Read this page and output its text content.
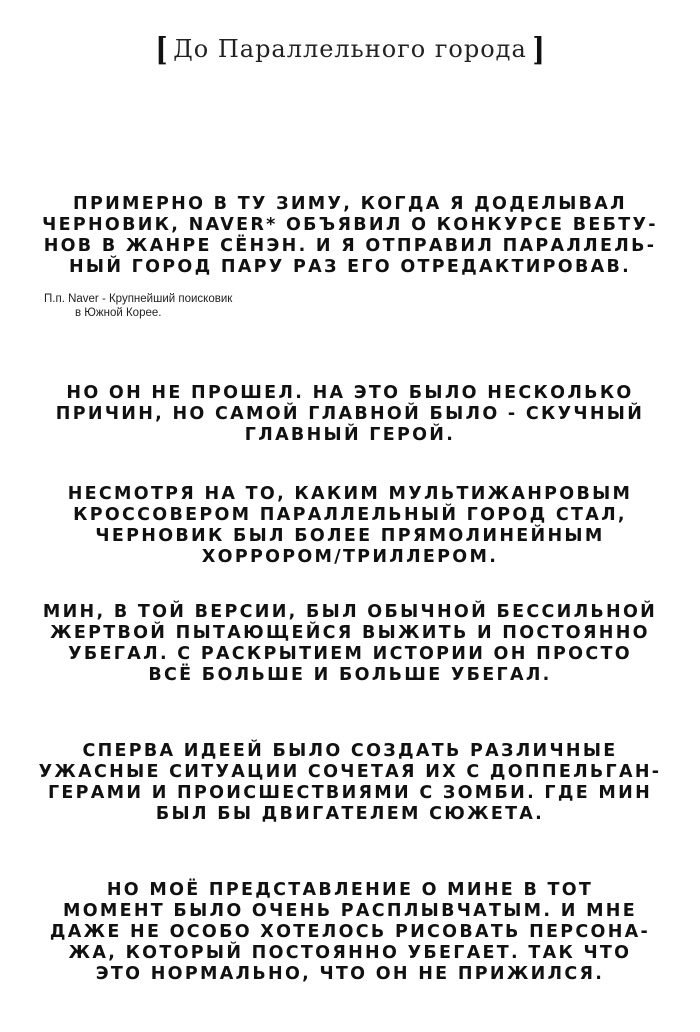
[ До Параллельного города ]

ПРИМЕРНО В ТУ ЗИМУ, КОГДА Я ДОДЕЛЫВАЛ
ЧЕРНОВИК, NAVER* ОБЪЯВИЛ О КОНКУРСЕ ВЕБТУ-
НОВ В ЖАНРЕ СЁНЭН. И Я ОТПРАВИЛ ПАРАЛЛЕЛЬ-
НЫЙ ГОРОД ПАРУ РАЗ ЕГО ОТРЕДАКТИРОВАВ.

П.п. Naver - Крупнейший поисковик
в Южной Корее.

НО ОН НЕ ПРОШЕЛ. НА ЭТО БЫЛО НЕСКОЛЬКО
ПРИЧИН, НО САМОЙ ГЛАВНОЙ БЫЛО - СКУЧНЫЙ
ГЛАВНЫЙ ГЕРОЙ.

НЕСМОТРЯ НА ТО, КАКИМ МУЛЬТИЖАНРОВЫМ
КРОССОВЕРОМ ПАРАЛЛЕЛЬНЫЙ ГОРОД СТАЛ,
ЧЕРНОВИК БЫЛ БОЛЕЕ ПРЯМОЛИНЕЙНЫМ
ХОРРОРОМ/ТРИЛЛЕРОМ.

МИН, В ТОЙ ВЕРСИИ, БЫЛ ОБЫЧНОЙ БЕССИЛЬНОЙ
ЖЕРТВОЙ ПЫТАЮЩЕЙСЯ ВЫЖИТЬ И ПОСТОЯННО
УБЕГАЛ. С РАСКРЫТИЕМ ИСТОРИИ ОН ПРОСТО
ВСЁ БОЛЬШЕ И БОЛЬШЕ УБЕГАЛ.

СПЕРВА ИДЕЕЙ БЫЛО СОЗДАТЬ РАЗЛИЧНЫЕ
УЖАСНЫЕ СИТУАЦИИ СОЧЕТАЯ ИХ С ДОППЕЛЬГАН-
ГЕРАМИ И ПРОИСШЕСТВИЯМИ С ЗОМБИ. ГДЕ МИН
БЫЛ БЫ ДВИГАТЕЛЕМ СЮЖЕТА.

НО МОЁ ПРЕДСТАВЛЕНИЕ О МИНЕ В ТОТ
МОМЕНТ БЫЛО ОЧЕНЬ РАСПЛЫВЧАТЫМ. И МНЕ
ДАЖЕ НЕ ОСОБО ХОТЕЛОСЬ РИСОВАТЬ ПЕРСОНА-
ЖА, КОТОРЫЙ ПОСТОЯННО УБЕГАЕТ. ТАК ЧТО
ЭТО НОРМАЛЬНО, ЧТО ОН НЕ ПРИЖИЛСЯ.
